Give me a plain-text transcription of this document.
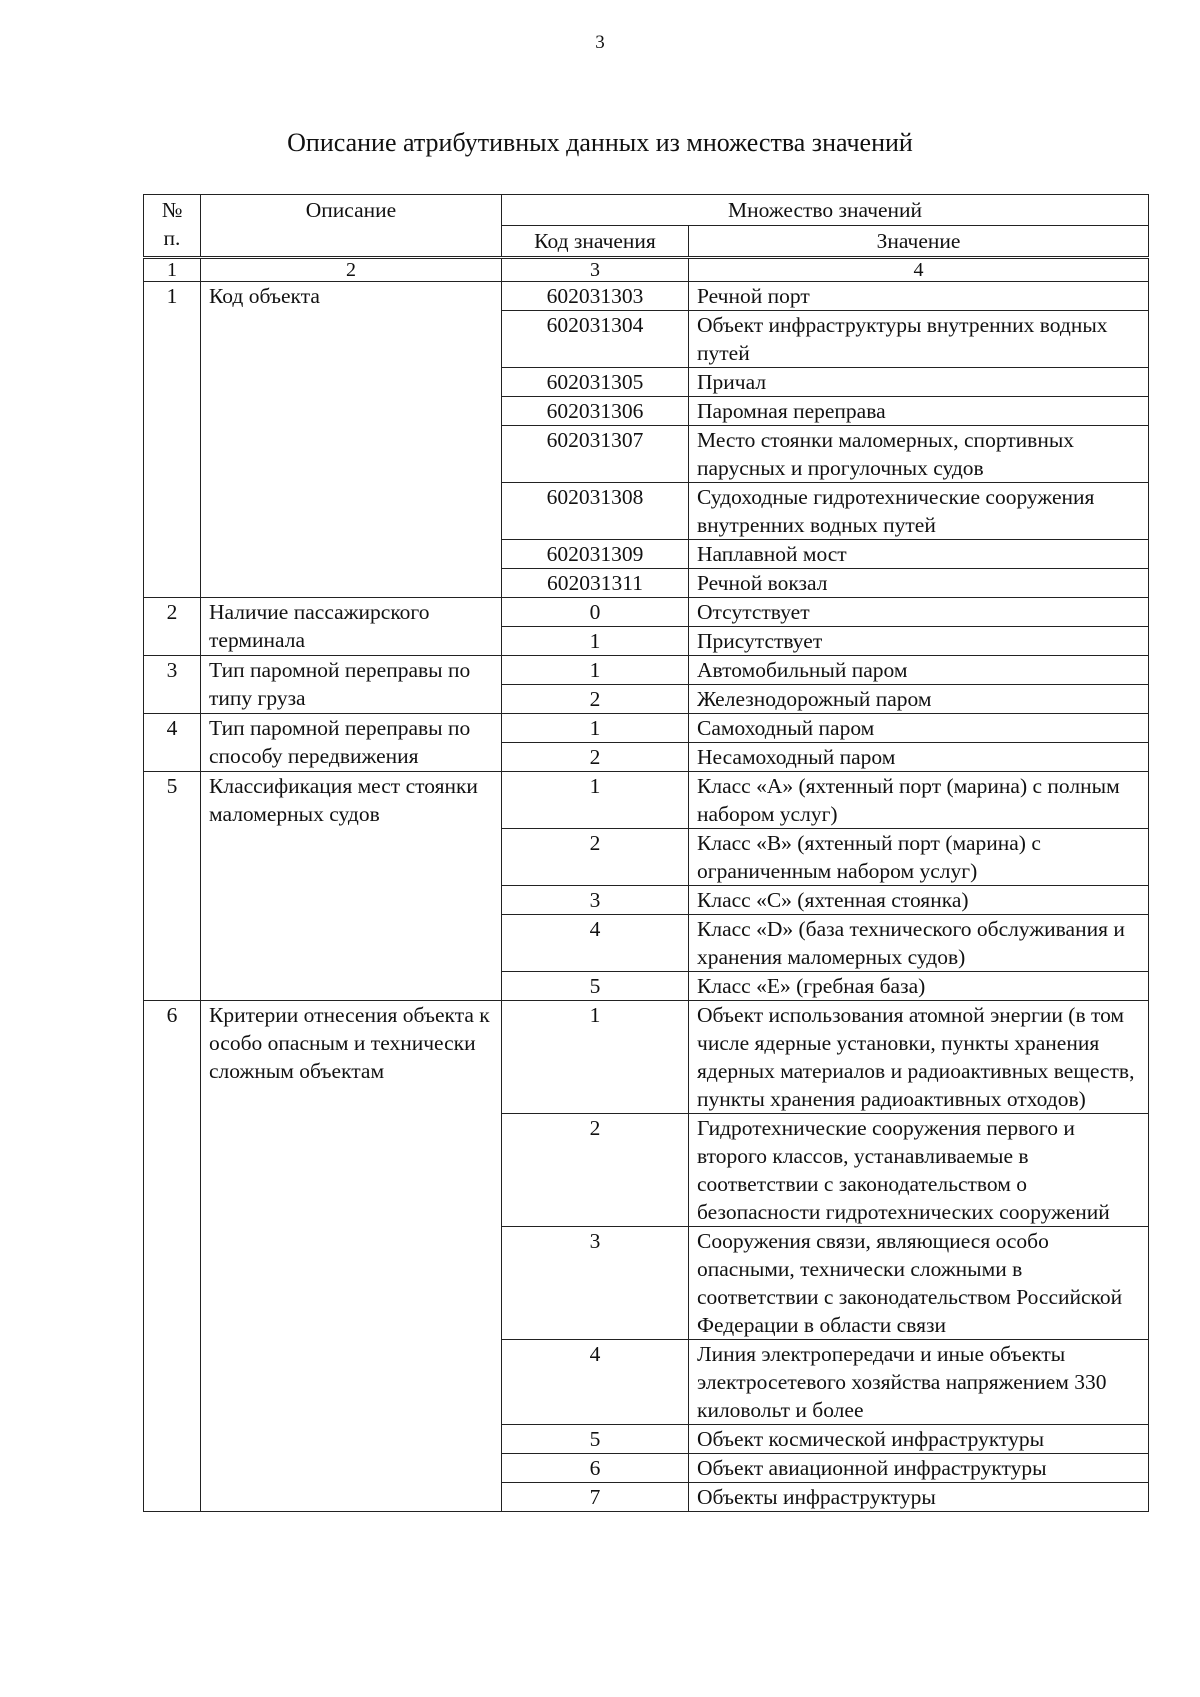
3
Описание атрибутивных данных из множества значений
№ п.	Описание	Множество значений	
		Код значения	Значение
1	2	3	4
1	Код объекта	602031303	Речной порт
		602031304	Объект инфраструктуры внутренних водных путей
		602031305	Причал
		602031306	Паромная переправа
		602031307	Место стоянки маломерных, спортивных парусных и прогулочных судов
		602031308	Судоходные гидротехнические сооружения внутренних водных путей
		602031309	Наплавной мост
		602031311	Речной вокзал
2	Наличие пассажирского терминала	0	Отсутствует
		1	Присутствует
3	Тип паромной переправы по типу груза	1	Автомобильный паром
		2	Железнодорожный паром
4	Тип паромной переправы по способу передвижения	1	Самоходный паром
		2	Несамоходный паром
5	Классификация мест стоянки маломерных судов	1	Класс «A» (яхтенный порт (марина) с полным набором услуг)
		2	Класс «B» (яхтенный порт (марина) с ограниченным набором услуг)
		3	Класс «C» (яхтенная стоянка)
		4	Класс «D» (база технического обслуживания и хранения маломерных судов)
		5	Класс «E» (гребная база)
6	Критерии отнесения объекта к особо опасным и технически сложным объектам	1	Объект использования атомной энергии (в том числе ядерные установки, пункты хранения ядерных материалов и радиоактивных веществ, пункты хранения радиоактивных отходов)
		2	Гидротехнические сооружения первого и второго классов, устанавливаемые в соответствии с законодательством о безопасности гидротехнических сооружений
		3	Сооружения связи, являющиеся особо опасными, технически сложными в соответствии с законодательством Российской Федерации в области связи
		4	Линия электропередачи и иные объекты электросетевого хозяйства напряжением 330 киловольт и более
		5	Объект космической инфраструктуры
		6	Объект авиационной инфраструктуры
		7	Объекты инфраструктуры
